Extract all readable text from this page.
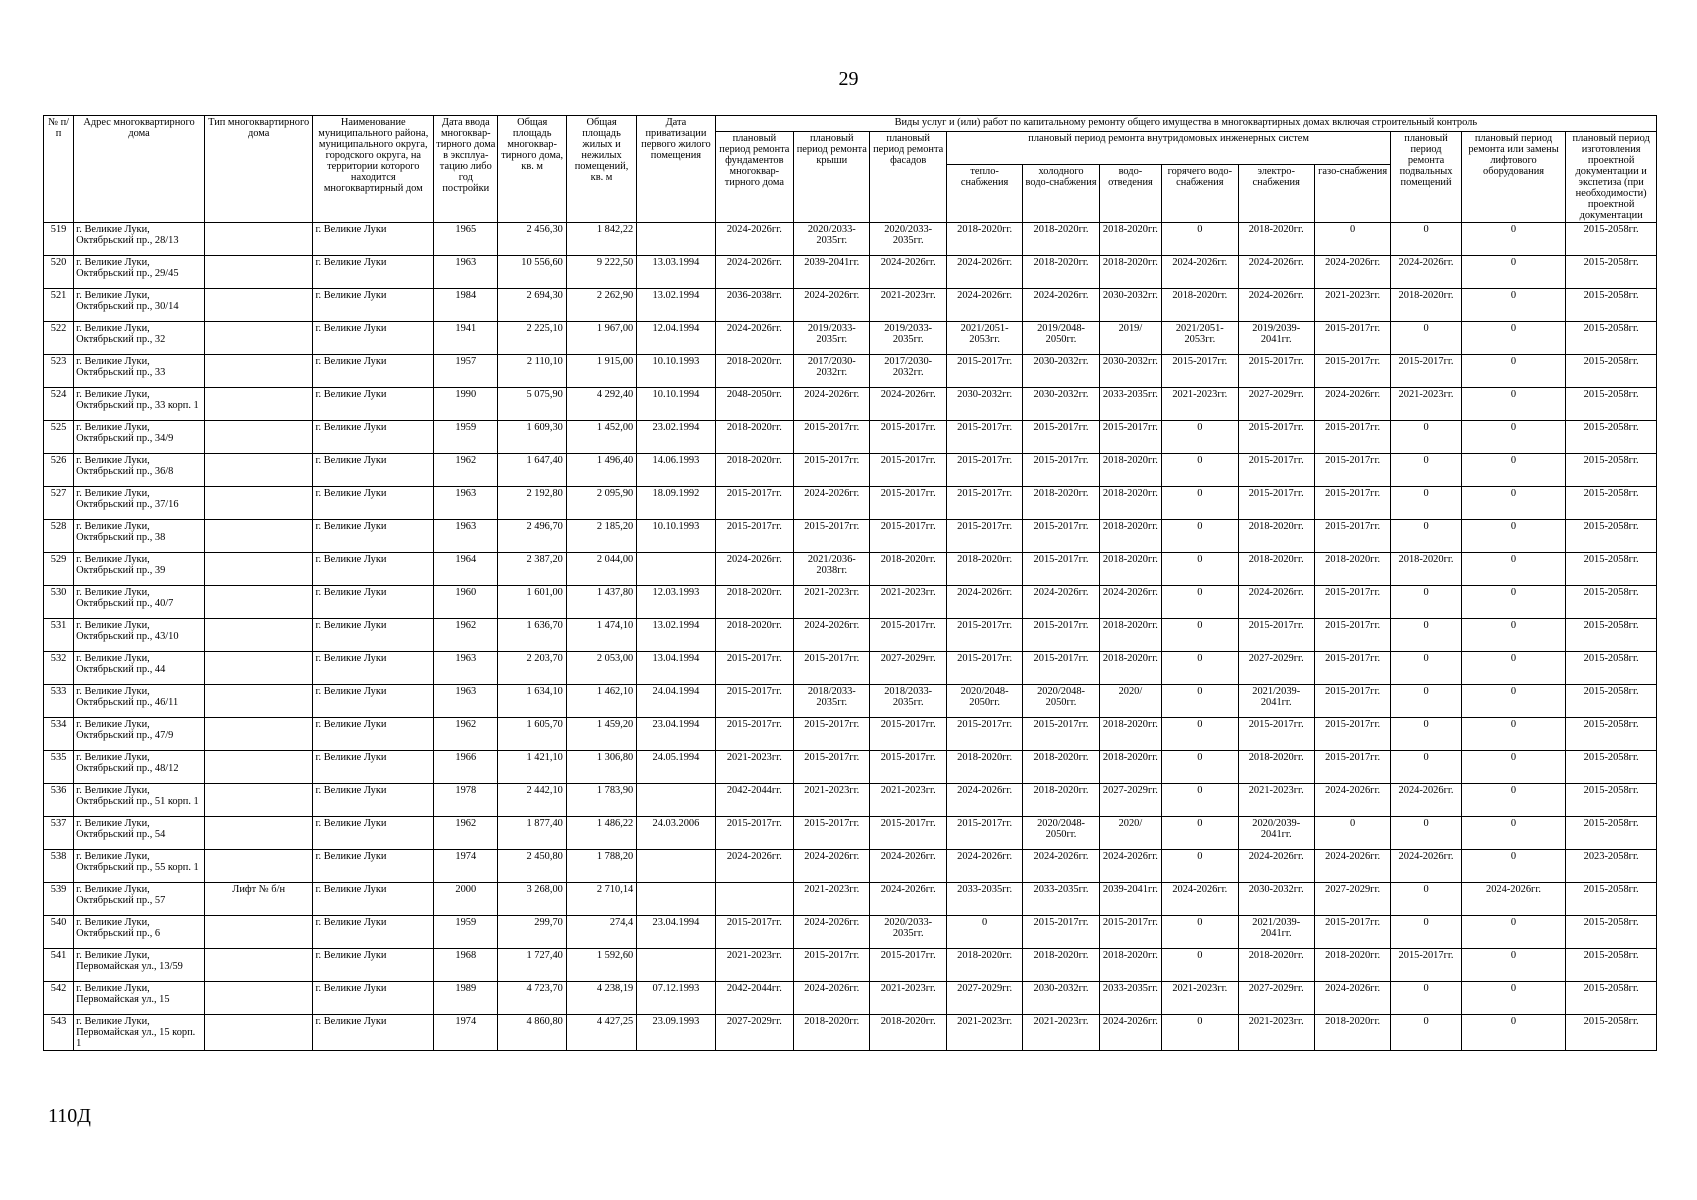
29
№ п/п	Адрес многоквартирного дома	Тип многоквартирного дома	Наименование муниципального района, муниципального округа, городского округа, на территории которого находится многоквартирный дом	Дата ввода многоквар-тирного дома в эксплуа-тацию либо год постройки	Общая площадь многоквар-тирного дома, кв. м	Общая площадь жилых и нежилых помещений, кв. м	Дата приватизации первого жилого помещения	Виды услуг и (или) работ по капитальному ремонту общего имущества в многоквартирных домах включая строительный контроль											
								плановый период ремонта фундаментов многоквар-тирного дома	плановый период ремонта крыши	плановый период ремонта фасадов	плановый период ремонта внутридомовых инженерных систем						плановый период ремонта подвальных помещений	плановый период ремонта или замены лифтового оборудования	плановый период изготовления проектной документации и экспетиза (при необходимости) проектной документации
											тепло-снабжения	холодного водо-снабжения	водо-отведения	горячего водо-снабжения	электро-снабжения	газо-снабжения			
519	г. Великие Луки, Октябрьский пр., 28/13		г. Великие Луки	1965	2 456,30	1 842,22		2024-2026гг.	2020/2033-2035гг.	2020/2033-2035гг.	2018-2020гг.	2018-2020гг.	2018-2020гг.	0	2018-2020гг.	0	0	0	2015-2058гг.
520	г. Великие Луки, Октябрьский пр., 29/45		г. Великие Луки	1963	10 556,60	9 222,50	13.03.1994	2024-2026гг.	2039-2041гг.	2024-2026гг.	2024-2026гг.	2018-2020гг.	2018-2020гг.	2024-2026гг.	2024-2026гг.	2024-2026гг.	2024-2026гг.	0	2015-2058гг.
521	г. Великие Луки, Октябрьский пр., 30/14		г. Великие Луки	1984	2 694,30	2 262,90	13.02.1994	2036-2038гг.	2024-2026гг.	2021-2023гг.	2024-2026гг.	2024-2026гг.	2030-2032гг.	2018-2020гг.	2024-2026гг.	2021-2023гг.	2018-2020гг.	0	2015-2058гг.
522	г. Великие Луки, Октябрьский пр., 32		г. Великие Луки	1941	2 225,10	1 967,00	12.04.1994	2024-2026гг.	2019/2033-2035гг.	2019/2033-2035гг.	2021/2051-2053гг.	2019/2048-2050гг.	2019/	2021/2051-2053гг.	2019/2039-2041гг.	2015-2017гг.	0	0	2015-2058гг.
523	г. Великие Луки, Октябрьский пр., 33		г. Великие Луки	1957	2 110,10	1 915,00	10.10.1993	2018-2020гг.	2017/2030-2032гг.	2017/2030-2032гг.	2015-2017гг.	2030-2032гг.	2030-2032гг.	2015-2017гг.	2015-2017гг.	2015-2017гг.	2015-2017гг.	0	2015-2058гг.
524	г. Великие Луки, Октябрьский пр., 33 корп. 1		г. Великие Луки	1990	5 075,90	4 292,40	10.10.1994	2048-2050гг.	2024-2026гг.	2024-2026гг.	2030-2032гг.	2030-2032гг.	2033-2035гг.	2021-2023гг.	2027-2029гг.	2024-2026гг.	2021-2023гг.	0	2015-2058гг.
525	г. Великие Луки, Октябрьский пр., 34/9		г. Великие Луки	1959	1 609,30	1 452,00	23.02.1994	2018-2020гг.	2015-2017гг.	2015-2017гг.	2015-2017гг.	2015-2017гг.	2015-2017гг.	0	2015-2017гг.	2015-2017гг.	0	0	2015-2058гг.
526	г. Великие Луки, Октябрьский пр., 36/8		г. Великие Луки	1962	1 647,40	1 496,40	14.06.1993	2018-2020гг.	2015-2017гг.	2015-2017гг.	2015-2017гг.	2015-2017гг.	2018-2020гг.	0	2015-2017гг.	2015-2017гг.	0	0	2015-2058гг.
527	г. Великие Луки, Октябрьский пр., 37/16		г. Великие Луки	1963	2 192,80	2 095,90	18.09.1992	2015-2017гг.	2024-2026гг.	2015-2017гг.	2015-2017гг.	2018-2020гг.	2018-2020гг.	0	2015-2017гг.	2015-2017гг.	0	0	2015-2058гг.
528	г. Великие Луки, Октябрьский пр., 38		г. Великие Луки	1963	2 496,70	2 185,20	10.10.1993	2015-2017гг.	2015-2017гг.	2015-2017гг.	2015-2017гг.	2015-2017гг.	2018-2020гг.	0	2018-2020гг.	2015-2017гг.	0	0	2015-2058гг.
529	г. Великие Луки, Октябрьский пр., 39		г. Великие Луки	1964	2 387,20	2 044,00		2024-2026гг.	2021/2036-2038гг.	2018-2020гг.	2018-2020гг.	2015-2017гг.	2018-2020гг.	0	2018-2020гг.	2018-2020гг.	2018-2020гг.	0	2015-2058гг.
530	г. Великие Луки, Октябрьский пр., 40/7		г. Великие Луки	1960	1 601,00	1 437,80	12.03.1993	2018-2020гг.	2021-2023гг.	2021-2023гг.	2024-2026гг.	2024-2026гг.	2024-2026гг.	0	2024-2026гг.	2015-2017гг.	0	0	2015-2058гг.
531	г. Великие Луки, Октябрьский пр., 43/10		г. Великие Луки	1962	1 636,70	1 474,10	13.02.1994	2018-2020гг.	2024-2026гг.	2015-2017гг.	2015-2017гг.	2015-2017гг.	2018-2020гг.	0	2015-2017гг.	2015-2017гг.	0	0	2015-2058гг.
532	г. Великие Луки, Октябрьский пр., 44		г. Великие Луки	1963	2 203,70	2 053,00	13.04.1994	2015-2017гг.	2015-2017гг.	2027-2029гг.	2015-2017гг.	2015-2017гг.	2018-2020гг.	0	2027-2029гг.	2015-2017гг.	0	0	2015-2058гг.
533	г. Великие Луки, Октябрьский пр., 46/11		г. Великие Луки	1963	1 634,10	1 462,10	24.04.1994	2015-2017гг.	2018/2033-2035гг.	2018/2033-2035гг.	2020/2048-2050гг.	2020/2048-2050гг.	2020/	0	2021/2039-2041гг.	2015-2017гг.	0	0	2015-2058гг.
534	г. Великие Луки, Октябрьский пр., 47/9		г. Великие Луки	1962	1 605,70	1 459,20	23.04.1994	2015-2017гг.	2015-2017гг.	2015-2017гг.	2015-2017гг.	2015-2017гг.	2018-2020гг.	0	2015-2017гг.	2015-2017гг.	0	0	2015-2058гг.
535	г. Великие Луки, Октябрьский пр., 48/12		г. Великие Луки	1966	1 421,10	1 306,80	24.05.1994	2021-2023гг.	2015-2017гг.	2015-2017гг.	2018-2020гг.	2018-2020гг.	2018-2020гг.	0	2018-2020гг.	2015-2017гг.	0	0	2015-2058гг.
536	г. Великие Луки, Октябрьский пр., 51 корп. 1		г. Великие Луки	1978	2 442,10	1 783,90		2042-2044гг.	2021-2023гг.	2021-2023гг.	2024-2026гг.	2018-2020гг.	2027-2029гг.	0	2021-2023гг.	2024-2026гг.	2024-2026гг.	0	2015-2058гг.
537	г. Великие Луки, Октябрьский пр., 54		г. Великие Луки	1962	1 877,40	1 486,22	24.03.2006	2015-2017гг.	2015-2017гг.	2015-2017гг.	2015-2017гг.	2020/2048-2050гг.	2020/	0	2020/2039-2041гг.	0	0	0	2015-2058гг.
538	г. Великие Луки, Октябрьский пр., 55 корп. 1		г. Великие Луки	1974	2 450,80	1 788,20		2024-2026гг.	2024-2026гг.	2024-2026гг.	2024-2026гг.	2024-2026гг.	2024-2026гг.	0	2024-2026гг.	2024-2026гг.	2024-2026гг.	0	2023-2058гг.
539	г. Великие Луки, Октябрьский пр., 57	Лифт № б/н	г. Великие Луки	2000	3 268,00	2 710,14			2021-2023гг.	2024-2026гг.	2033-2035гг.	2033-2035гг.	2039-2041гг.	2024-2026гг.	2030-2032гг.	2027-2029гг.	0	2024-2026гг.	2015-2058гг.
540	г. Великие Луки, Октябрьский пр., 6		г. Великие Луки	1959	299,70	274,4	23.04.1994	2015-2017гг.	2024-2026гг.	2020/2033-2035гг.	0	2015-2017гг.	2015-2017гг.	0	2021/2039-2041гг.	2015-2017гг.	0	0	2015-2058гг.
541	г. Великие Луки, Первомайская ул., 13/59		г. Великие Луки	1968	1 727,40	1 592,60		2021-2023гг.	2015-2017гг.	2015-2017гг.	2018-2020гг.	2018-2020гг.	2018-2020гг.	0	2018-2020гг.	2018-2020гг.	2015-2017гг.	0	2015-2058гг.
542	г. Великие Луки, Первомайская ул., 15		г. Великие Луки	1989	4 723,70	4 238,19	07.12.1993	2042-2044гг.	2024-2026гг.	2021-2023гг.	2027-2029гг.	2030-2032гг.	2033-2035гг.	2021-2023гг.	2027-2029гг.	2024-2026гг.	0	0	2015-2058гг.
543	г. Великие Луки, Первомайская ул., 15 корп. 1		г. Великие Луки	1974	4 860,80	4 427,25	23.09.1993	2027-2029гг.	2018-2020гг.	2018-2020гг.	2021-2023гг.	2021-2023гг.	2024-2026гг.	0	2021-2023гг.	2018-2020гг.	0	0	2015-2058гг.
110Д
